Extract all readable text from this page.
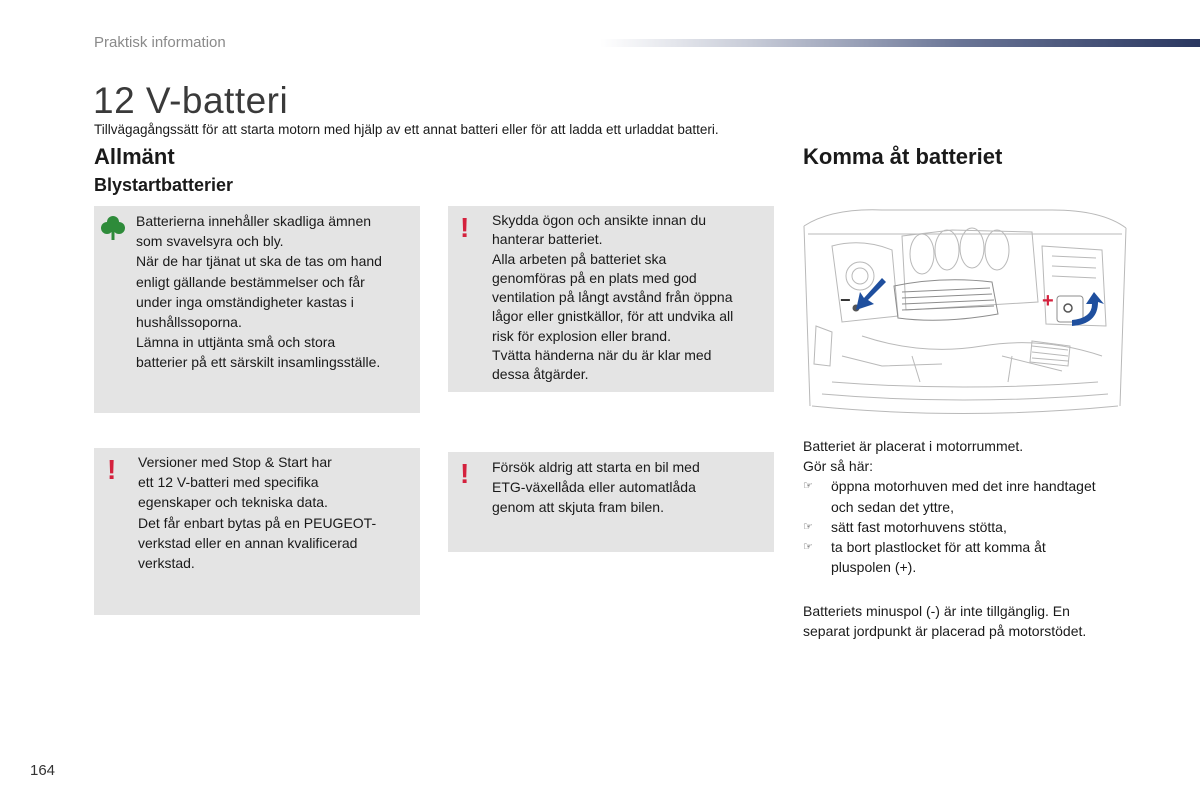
Praktisk information
12 V-batteri
Tillvägagångssätt för att starta motorn med hjälp av ett annat batteri eller för att ladda ett urladdat batteri.
Allmänt
Blystartbatterier
Komma åt batteriet

Batterierna innehåller skadliga ämnen

som svavelsyra och bly.

När de har tjänat ut ska de tas om hand

enligt gällande bestämmelser och får

under inga omständigheter kastas i

hushållssoporna.

Lämna in uttjänta små och stora

batterier på ett särskilt insamlingsställe.

! Skydda ögon och ansikte innan du

hanterar batteriet.

Alla arbeten på batteriet ska

genomföras på en plats med god

ventilation på långt avstånd från öppna

lågor eller gnistkällor, för att undvika all

risk för explosion eller brand.

Tvätta händerna när du är klar med

dessa åtgärder.

! Versioner med Stop & Start har

ett 12 V-batteri med specifika

egenskaper och tekniska data.

Det får enbart bytas på en PEUGEOT-

verkstad eller en annan kvalificerad

verkstad.

! Försök aldrig att starta en bil med

ETG-växellåda eller automatlåda

genom att skjuta fram bilen.

−	+

Batteriet är placerat i motorrummet.

Gör så här:

☞ öppna motorhuven med det inre handtaget

och sedan det yttre,

☞ sätt fast motorhuvens stötta,

☞ ta bort plastlocket för att komma åt

pluspolen (+).

Batteriets minuspol (-) är inte tillgänglig. En
separat jordpunkt är placerad på motorstödet.
164
